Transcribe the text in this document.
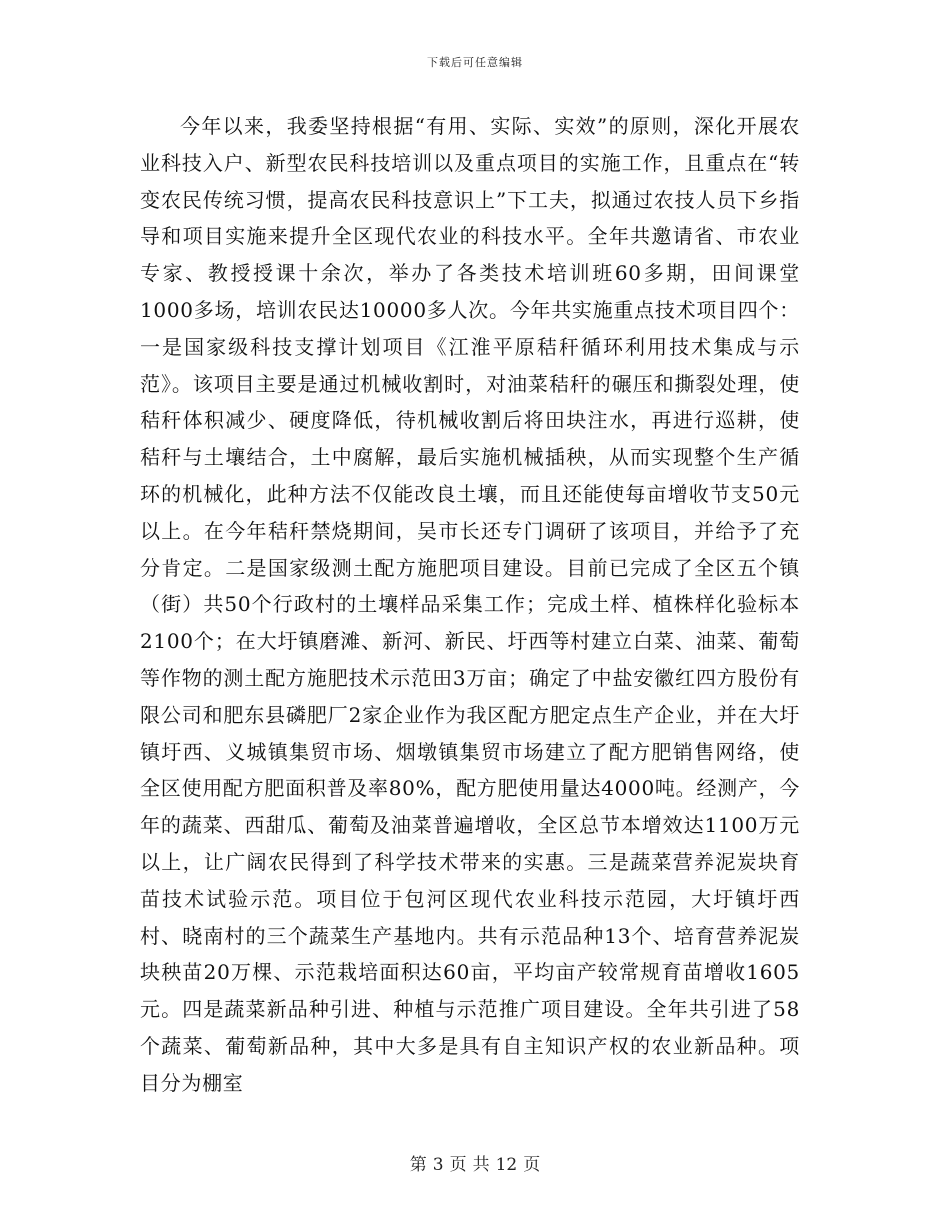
下载后可任意编辑

今年以来，我委坚持根据“有用、实际、实效”的原则，深化开展农业科技入户、新型农民科技培训以及重点项目的实施工作，且重点在“转变农民传统习惯，提高农民科技意识上”下工夫，拟通过农技人员下乡指导和项目实施来提升全区现代农业的科技水平。全年共邀请省、市农业专家、教授授课十余次，举办了各类技术培训班60多期，田间课堂1000多场，培训农民达10000多人次。今年共实施重点技术项目四个：一是国家级科技支撑计划项目《江淮平原秸秆循环利用技术集成与示范》。该项目主要是通过机械收割时，对油菜秸秆的碾压和撕裂处理，使秸秆体积减少、硬度降低，待机械收割后将田块注水，再进行巡耕，使秸秆与土壤结合，土中腐解，最后实施机械插秧，从而实现整个生产循环的机械化，此种方法不仅能改良土壤，而且还能使每亩增收节支50元以上。在今年秸秆禁烧期间，吴市长还专门调研了该项目，并给予了充分肯定。二是国家级测土配方施肥项目建设。目前已完成了全区五个镇（街）共50个行政村的土壤样品采集工作；完成土样、植株样化验标本2100个；在大圩镇磨滩、新河、新民、圩西等村建立白菜、油菜、葡萄等作物的测土配方施肥技术示范田3万亩；确定了中盐安徽红四方股份有限公司和肥东县磷肥厂2家企业作为我区配方肥定点生产企业，并在大圩镇圩西、义城镇集贸市场、烟墩镇集贸市场建立了配方肥销售网络，使全区使用配方肥面积普及率80%，配方肥使用量达4000吨。经测产，今年的蔬菜、西甜瓜、葡萄及油菜普遍增收，全区总节本增效达1100万元以上，让广阔农民得到了科学技术带来的实惠。三是蔬菜营养泥炭块育苗技术试验示范。项目位于包河区现代农业科技示范园，大圩镇圩西村、晓南村的三个蔬菜生产基地内。共有示范品种13个、培育营养泥炭块秧苗20万棵、示范栽培面积达60亩，平均亩产较常规育苗增收1605元。四是蔬菜新品种引进、种植与示范推广项目建设。全年共引进了58个蔬菜、葡萄新品种，其中大多是具有自主知识产权的农业新品种。项目分为棚室

第 3 页 共 12 页
